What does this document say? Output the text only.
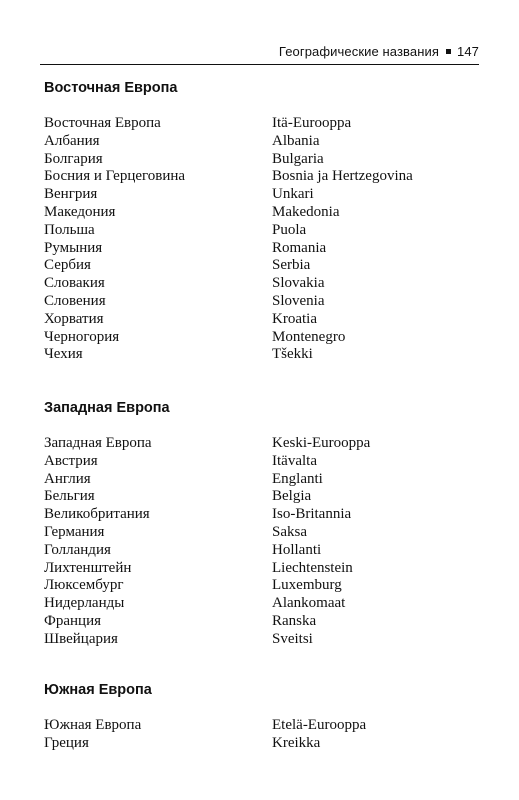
Географические названия 147
Восточная Европа
Восточная Европа	Itä-Eurooppa
Албания	Albania
Болгария	Bulgaria
Босния и Герцеговина	Bosnia ja Hertzegovina
Венгрия	Unkari
Македония	Makedonia
Польша	Puola
Румыния	Romania
Сербия	Serbia
Словакия	Slovakia
Словения	Slovenia
Хорватия	Kroatia
Черногория	Montenegro
Чехия	Tšekki
Западная Европа
Западная Европа	Keski-Eurooppa
Австрия	Itävalta
Англия	Englanti
Бельгия	Belgia
Великобритания	Iso-Britannia
Германия	Saksa
Голландия	Hollanti
Лихтенштейн	Liechtenstein
Люксембург	Luxemburg
Нидерланды	Alankomaat
Франция	Ranska
Швейцария	Sveitsi
Южная Европа
Южная Европа	Etelä-Eurooppa
Греция	Kreikka
